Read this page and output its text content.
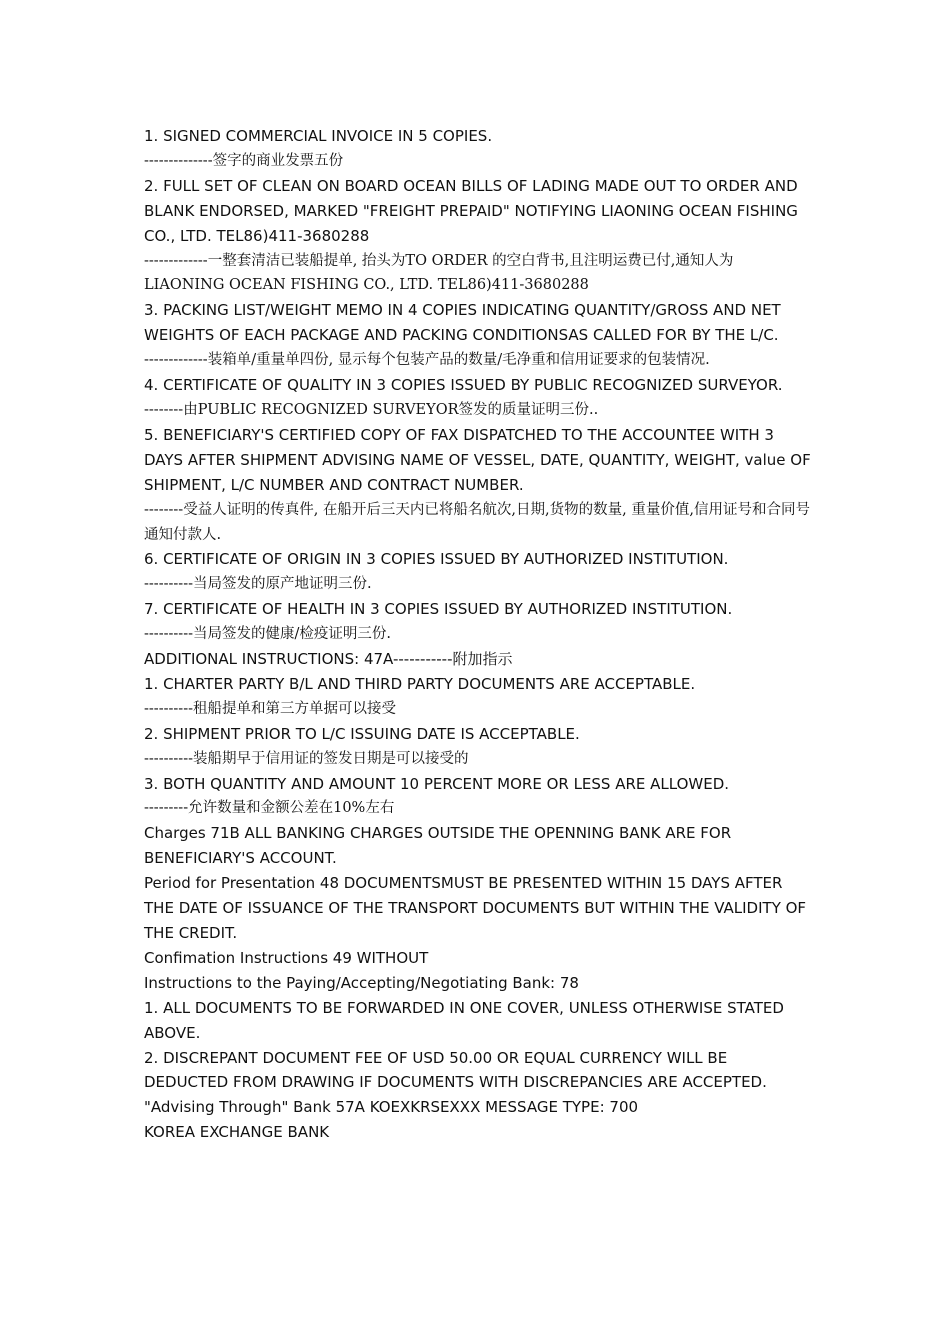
1. SIGNED COMMERCIAL INVOICE IN 5 COPIES.
--------------签字的商业发票五份
2. FULL SET OF CLEAN ON BOARD OCEAN BILLS OF LADING MADE OUT TO ORDER AND BLANK ENDORSED, MARKED "FREIGHT PREPAID" NOTIFYING LIAONING OCEAN FISHING CO., LTD. TEL86)411-3680288
-------------一整套清洁已装船提单, 抬头为TO ORDER 的空白背书,且注明运费已付,通知人为LIAONING OCEAN FISHING CO., LTD. TEL86)411-3680288
3. PACKING LIST/WEIGHT MEMO IN 4 COPIES INDICATING QUANTITY/GROSS AND NET WEIGHTS OF EACH PACKAGE AND PACKING CONDITIONSAS CALLED FOR BY THE L/C.
-------------装箱单/重量单四份, 显示每个包装产品的数量/毛净重和信用证要求的包装情况.
4. CERTIFICATE OF QUALITY IN 3 COPIES ISSUED BY PUBLIC RECOGNIZED SURVEYOR.
--------由PUBLIC RECOGNIZED SURVEYOR签发的质量证明三份..
5. BENEFICIARY'S CERTIFIED COPY OF FAX DISPATCHED TO THE ACCOUNTEE WITH 3 DAYS AFTER SHIPMENT ADVISING NAME OF VESSEL, DATE, QUANTITY, WEIGHT, value OF SHIPMENT, L/C NUMBER AND CONTRACT NUMBER.
--------受益人证明的传真件, 在船开后三天内已将船名航次,日期,货物的数量, 重量价值,信用证号和合同号通知付款人.
6. CERTIFICATE OF ORIGIN IN 3 COPIES ISSUED BY AUTHORIZED INSTITUTION.
----------当局签发的原产地证明三份.
7. CERTIFICATE OF HEALTH IN 3 COPIES ISSUED BY AUTHORIZED INSTITUTION.
----------当局签发的健康/检疫证明三份.
ADDITIONAL INSTRUCTIONS: 47A-----------附加指示
1. CHARTER PARTY B/L AND THIRD PARTY DOCUMENTS ARE ACCEPTABLE.
----------租船提单和第三方单据可以接受
2. SHIPMENT PRIOR TO L/C ISSUING DATE IS ACCEPTABLE.
----------装船期早于信用证的签发日期是可以接受的
3. BOTH QUANTITY AND AMOUNT 10 PERCENT MORE OR LESS ARE ALLOWED.
---------允许数量和金额公差在10%左右
Charges 71B ALL BANKING CHARGES OUTSIDE THE OPENNING BANK ARE FOR BENEFICIARY'S ACCOUNT.
Period for Presentation 48 DOCUMENTSMUST BE PRESENTED WITHIN 15 DAYS AFTER THE DATE OF ISSUANCE OF THE TRANSPORT DOCUMENTS BUT WITHIN THE VALIDITY OF THE CREDIT.
Confimation Instructions 49 WITHOUT
Instructions to the Paying/Accepting/Negotiating Bank: 78
1. ALL DOCUMENTS TO BE FORWARDED IN ONE COVER, UNLESS OTHERWISE STATED ABOVE.
2. DISCREPANT DOCUMENT FEE OF USD 50.00 OR EQUAL CURRENCY WILL BE DEDUCTED FROM DRAWING IF DOCUMENTS WITH DISCREPANCIES ARE ACCEPTED.
"Advising Through" Bank 57A KOEXKRSEXXX MESSAGE TYPE: 700
KOREA EXCHANGE BANK
